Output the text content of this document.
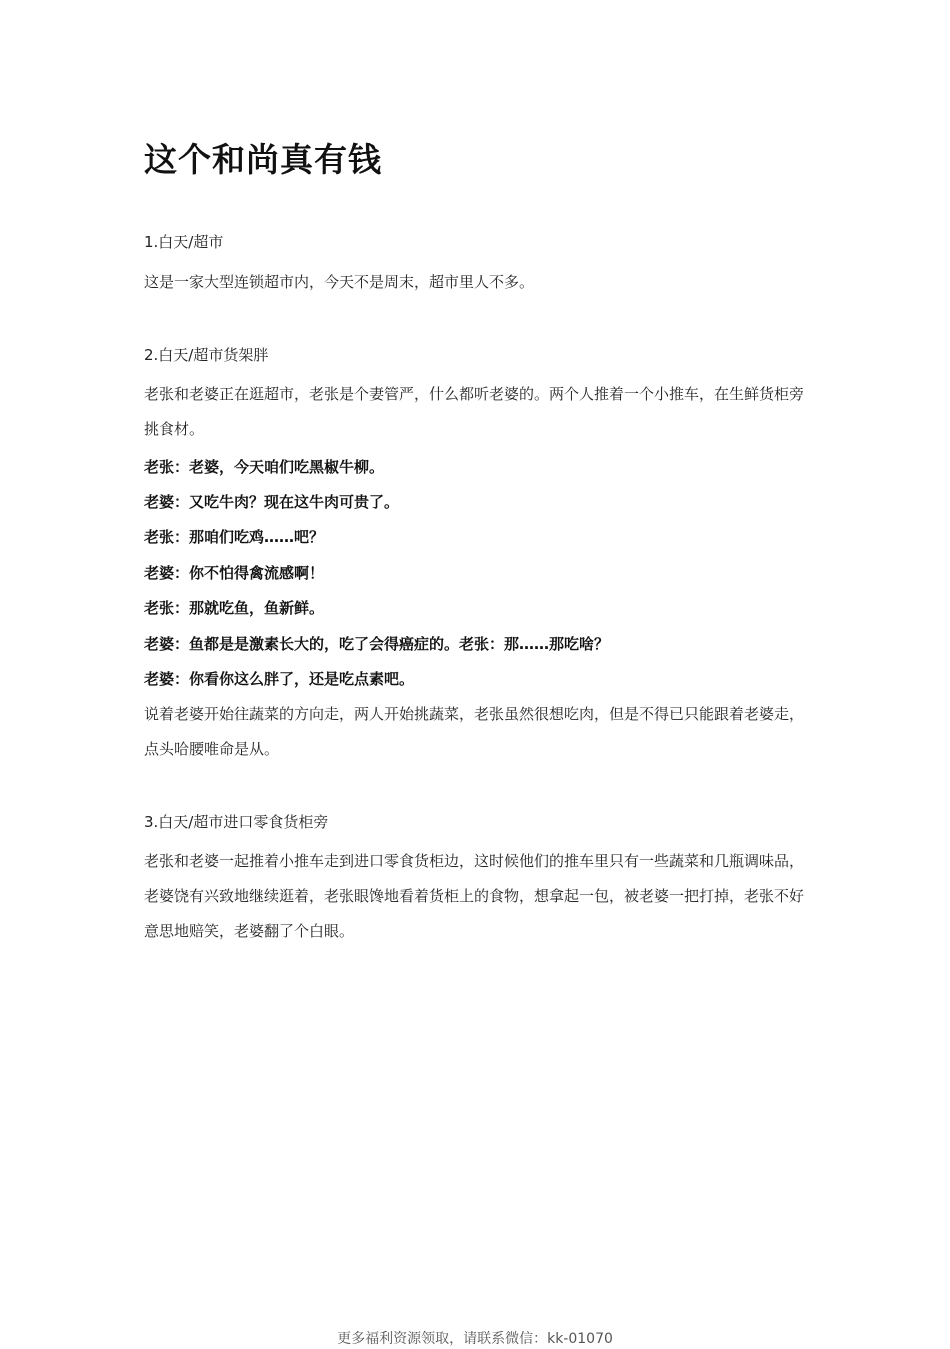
这个和尚真有钱
1.白天/超市

这是一家大型连锁超市内，今天不是周末，超市里人不多。

2.白天/超市货架胖

老张和老婆正在逛超市，老张是个妻管严，什么都听老婆的。两个人推着一个小推车，在生鲜货柜旁挑食材。

老张：老婆，今天咱们吃黑椒牛柳。
老婆：又吃牛肉？现在这牛肉可贵了。
老张：那咱们吃鸡……吧？
老婆：你不怕得禽流感啊！
老张：那就吃鱼，鱼新鲜。
老婆：鱼都是是激素长大的，吃了会得癌症的。老张：那……那吃啥？
老婆：你看你这么胖了，还是吃点素吧。

说着老婆开始往蔬菜的方向走，两人开始挑蔬菜，老张虽然很想吃肉，但是不得已只能跟着老婆走，点头哈腰唯命是从。

3.白天/超市进口零食货柜旁

老张和老婆一起推着小推车走到进口零食货柜边，这时候他们的推车里只有一些蔬菜和几瓶调味品，老婆饶有兴致地继续逛着，老张眼馋地看着货柜上的食物，想拿起一包，被老婆一把打掉，老张不好意思地赔笑，老婆翻了个白眼。

更多福利资源领取，请联系微信：kk-01070
